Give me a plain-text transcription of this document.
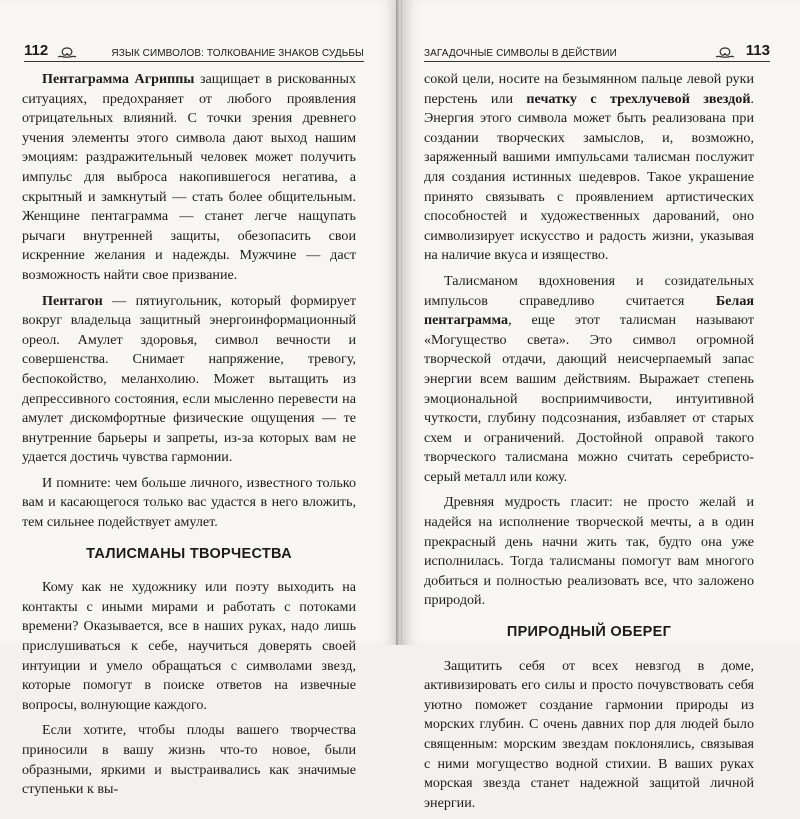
112	ЯЗЫК СИМВОЛОВ: ТОЛКОВАНИЕ ЗНАКОВ СУДЬБЫ

Пентаграмма Агриппы защищает в рискованных ситуациях, предохраняет от любого проявления отрицательных влияний. С точки зрения древнего учения элементы этого символа дают выход нашим эмоциям: раздражительный человек может получить импульс для выброса накопившегося негатива, а скрытный и замкнутый — стать более общительным. Женщине пентаграмма — станет легче нащупать рычаги внутренней защиты, обезопасить свои искренние желания и надежды. Мужчине — даст возможность найти свое призвание.

Пентагон — пятиугольник, который формирует вокруг владельца защитный энергоинформационный ореол. Амулет здоровья, символ вечности и совершенства. Снимает напряжение, тревогу, беспокойство, меланхолию. Может вытащить из депрессивного состояния, если мысленно перевести на амулет дискомфортные физические ощущения — те внутренние барьеры и запреты, из-за которых вам не удается достичь чувства гармонии.

И помните: чем больше личного, известного только вам и касающегося только вас удастся в него вложить, тем сильнее подействует амулет.

ТАЛИСМАНЫ ТВОРЧЕСТВА

Кому как не художнику или поэту выходить на контакты с иными мирами и работать с потоками времени? Оказывается, все в наших руках, надо лишь прислушиваться к себе, научиться доверять своей интуиции и умело обращаться с символами звезд, которые помогут в поиске ответов на извечные вопросы, волнующие каждого.

Если хотите, чтобы плоды вашего творчества приносили в вашу жизнь что-то новое, были образными, яркими и выстраивались как значимые ступеньки к вы-

ЗАГАДОЧНЫЕ СИМВОЛЫ В ДЕЙСТВИИ	113

сокой цели, носите на безымянном пальце левой руки перстень или печатку с трехлучевой звездой. Энергия этого символа может быть реализована при создании творческих замыслов, и, возможно, заряженный вашими импульсами талисман послужит для создания истинных шедевров. Такое украшение принято связывать с проявлением артистических способностей и художественных дарований, оно символизирует искусство и радость жизни, указывая на наличие вкуса и изящество.

Талисманом вдохновения и созидательных импульсов справедливо считается Белая пентаграмма, еще этот талисман называют «Могущество света». Это символ огромной творческой отдачи, дающий неисчерпаемый запас энергии всем вашим действиям. Выражает степень эмоциональной восприимчивости, интуитивной чуткости, глубину подсознания, избавляет от старых схем и ограничений. Достойной оправой такого творческого талисмана можно считать серебристо-серый металл или кожу.

Древняя мудрость гласит: не просто желай и надейся на исполнение творческой мечты, а в один прекрасный день начни жить так, будто она уже исполнилась. Тогда талисманы помогут вам многого добиться и полностью реализовать все, что заложено природой.

ПРИРОДНЫЙ ОБЕРЕГ

Защитить себя от всех невзгод в доме, активизировать его силы и просто почувствовать себя уютно поможет создание гармонии природы из морских глубин. С очень давних пор для людей было священным: морским звездам поклонялись, связывая с ними могущество водной стихии. В ваших руках морская звезда станет надежной защитой личной энергии.
